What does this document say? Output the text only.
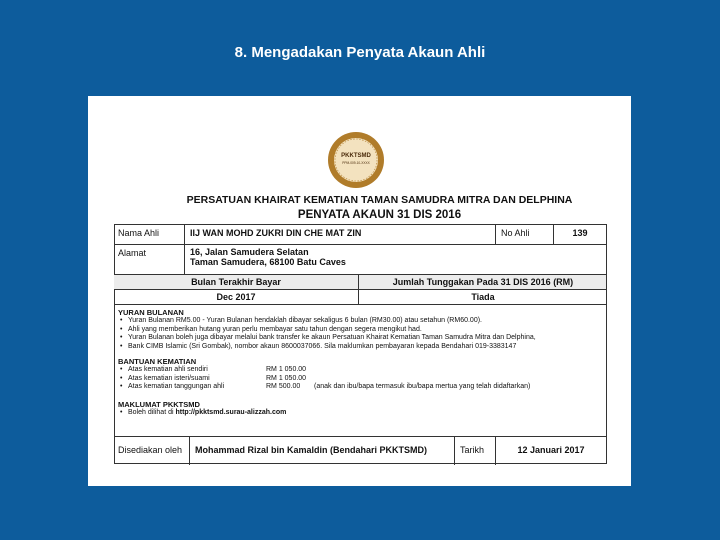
8. Mengadakan Penyata Akaun Ahli
PKKTSMD
PPM-009-10-XXXX
PERSATUAN KHAIRAT KEMATIAN TAMAN SAMUDRA MITRA DAN DELPHINA
PENYATA AKAUN 31 DIS 2016
Nama Ahli	IIJ WAN MOHD ZUKRI DIN CHE MAT ZIN	No Ahli	139
Alamat	16, Jalan Samudera Selatan
Taman Samudera, 68100 Batu Caves
Bulan Terakhir Bayar	Jumlah Tunggakan Pada 31 DIS 2016 (RM)
Dec 2017	Tiada
YURAN BULANAN
• Yuran Bulanan RM5.00 - Yuran Bulanan hendaklah dibayar sekaligus 6 bulan (RM30.00) atau setahun (RM60.00).
• Ahli yang memberikan hutang yuran perlu membayar satu tahun dengan segera mengikut had.
• Yuran Bulanan boleh juga dibayar melalui bank transfer ke akaun Persatuan Khairat Kematian Taman Samudra Mitra dan Delphina,
• Bank CIMB Islamic (Sri Gombak), nombor akaun 8600037066. Sila maklumkan pembayaran kepada Bendahari 019-3383147
BANTUAN KEMATIAN
• Atas kematian ahli sendiri	RM 1 050.00
• Atas kematian isteri/suami	RM 1 050.00
• Atas kematian tanggungan ahli	RM 500.00	(anak dan ibu/bapa termasuk ibu/bapa mertua yang telah didaftarkan)
MAKLUMAT PKKTSMD
• Boleh dilihat di http://pkktsmd.surau-alizzah.com
Disediakan oleh	Mohammad Rizal bin Kamaldin (Bendahari PKKTSMD)	Tarikh	12 Januari 2017
